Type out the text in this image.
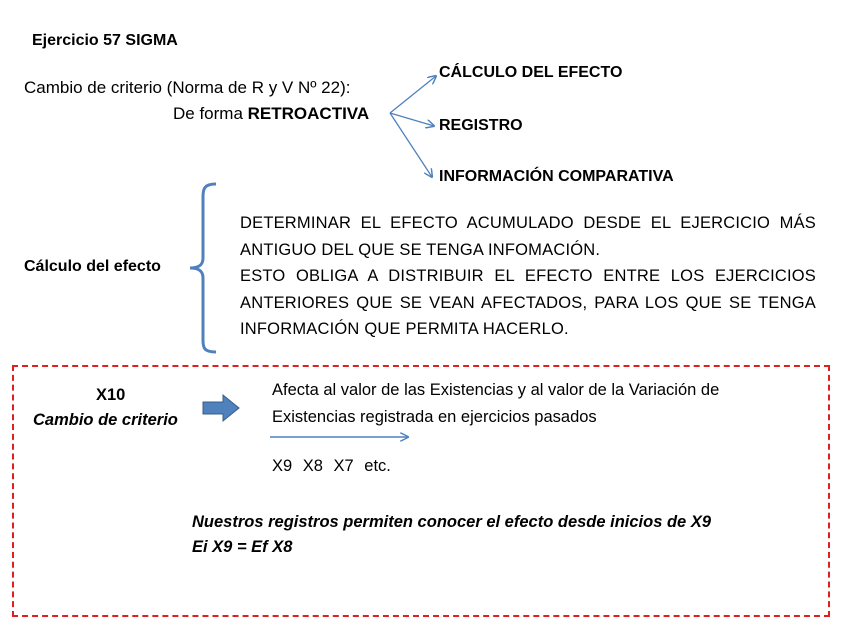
Ejercicio 57 SIGMA
Cambio de criterio (Norma de R y V Nº 22):
De forma RETROACTIVA
CÁLCULO DEL EFECTO
REGISTRO
INFORMACIÓN COMPARATIVA
Cálculo del efecto

DETERMINAR EL EFECTO ACUMULADO DESDE EL EJERCICIO MÁS ANTIGUO DEL QUE SE TENGA INFOMACIÓN.

ESTO OBLIGA A DISTRIBUIR EL EFECTO ENTRE LOS EJERCICIOS ANTERIORES QUE SE VEAN AFECTADOS, PARA LOS QUE SE TENGA INFORMACIÓN QUE PERMITA HACERLO.

X10
Cambio de criterio
Afecta al valor de las Existencias y al valor de la Variación de Existencias registrada en ejercicios pasados
X9 X8 X7 etc.
Nuestros registros permiten conocer el efecto desde inicios de X9
Ei X9 = Ef X8
